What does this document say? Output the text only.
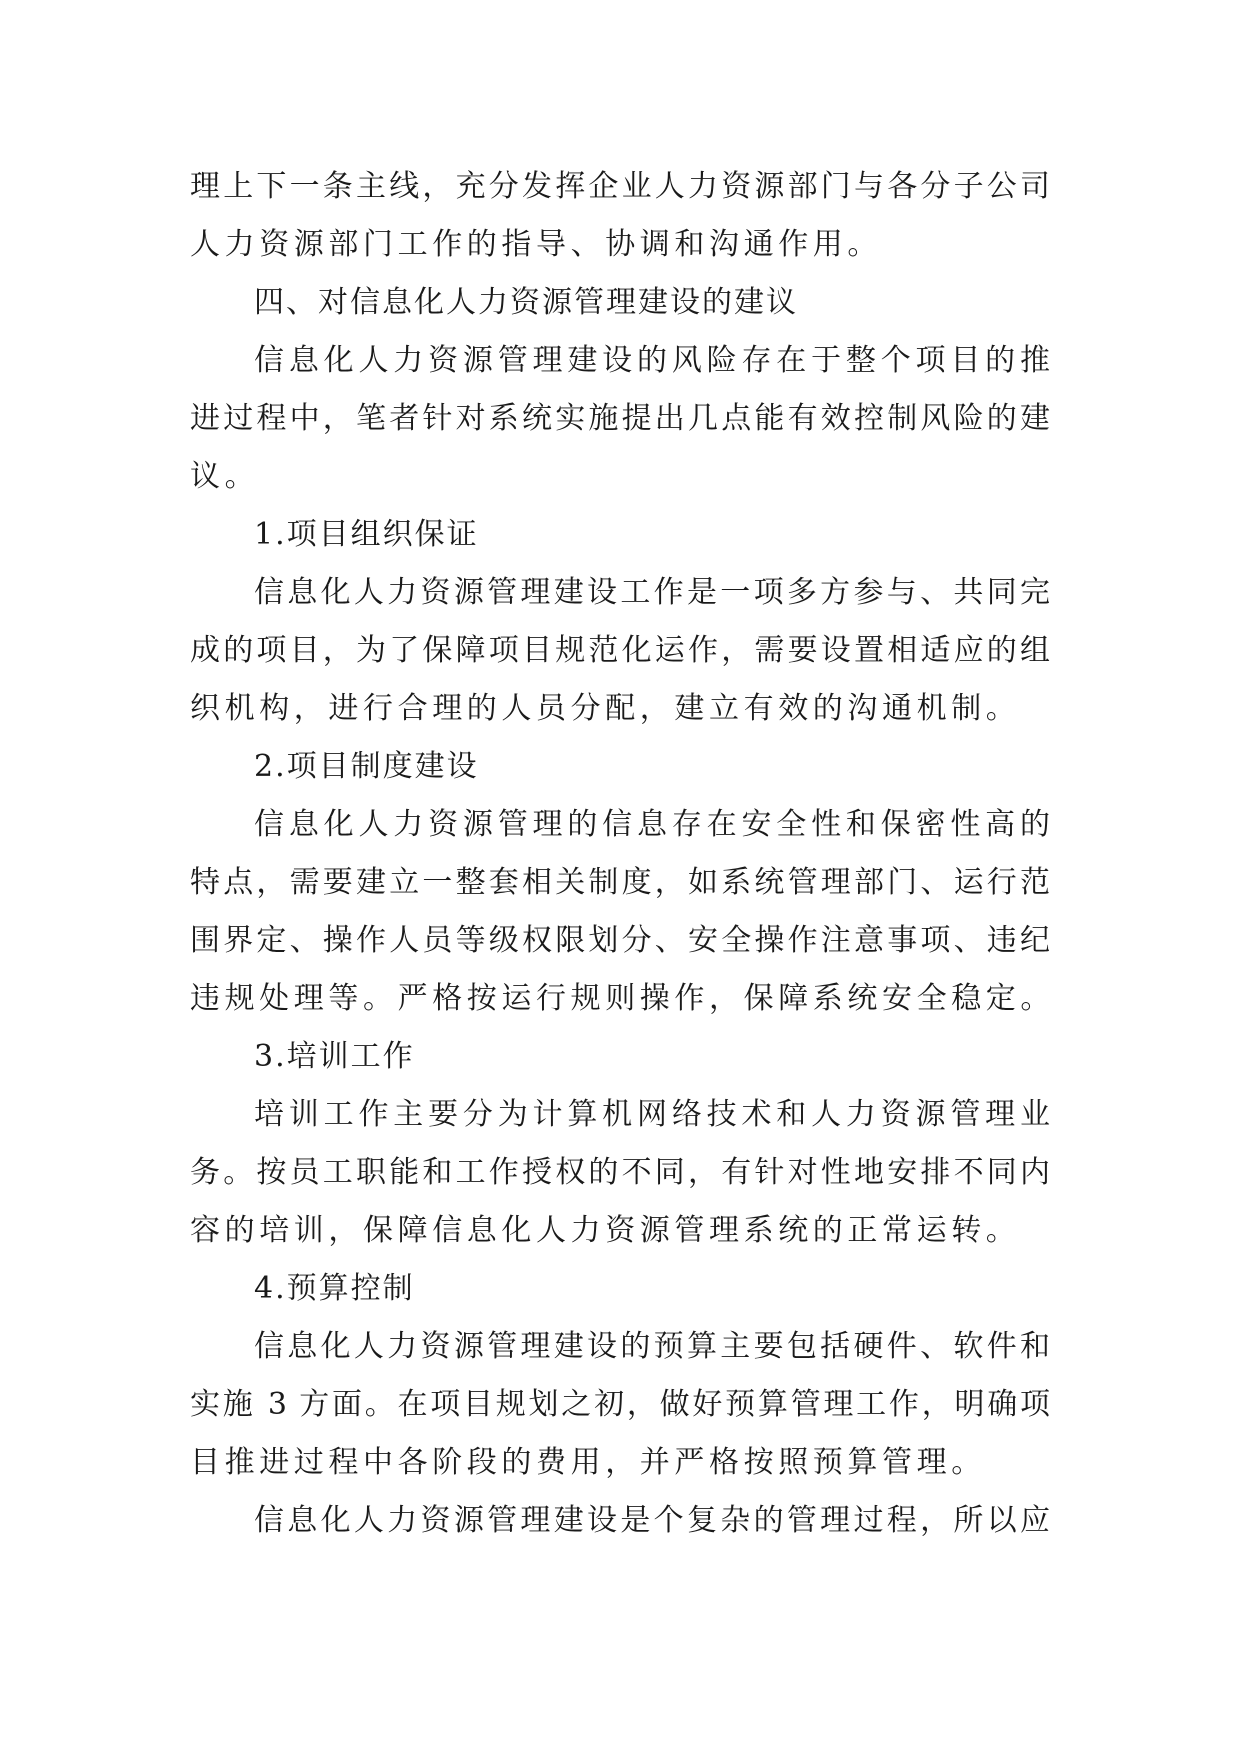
理上下一条主线，充分发挥企业人力资源部门与各分子公司
人力资源部门工作的指导、协调和沟通作用。
四、对信息化人力资源管理建设的建议
信息化人力资源管理建设的风险存在于整个项目的推
进过程中，笔者针对系统实施提出几点能有效控制风险的建
议。
1.项目组织保证
信息化人力资源管理建设工作是一项多方参与、共同完
成的项目，为了保障项目规范化运作，需要设置相适应的组
织机构，进行合理的人员分配，建立有效的沟通机制。
2.项目制度建设
信息化人力资源管理的信息存在安全性和保密性高的
特点，需要建立一整套相关制度，如系统管理部门、运行范
围界定、操作人员等级权限划分、安全操作注意事项、违纪
违规处理等。严格按运行规则操作，保障系统安全稳定。
3.培训工作
培训工作主要分为计算机网络技术和人力资源管理业
务。按员工职能和工作授权的不同，有针对性地安排不同内
容的培训，保障信息化人力资源管理系统的正常运转。
4.预算控制
信息化人力资源管理建设的预算主要包括硬件、软件和
实施 3 方面。在项目规划之初，做好预算管理工作，明确项
目推进过程中各阶段的费用，并严格按照预算管理。
信息化人力资源管理建设是个复杂的管理过程，所以应
